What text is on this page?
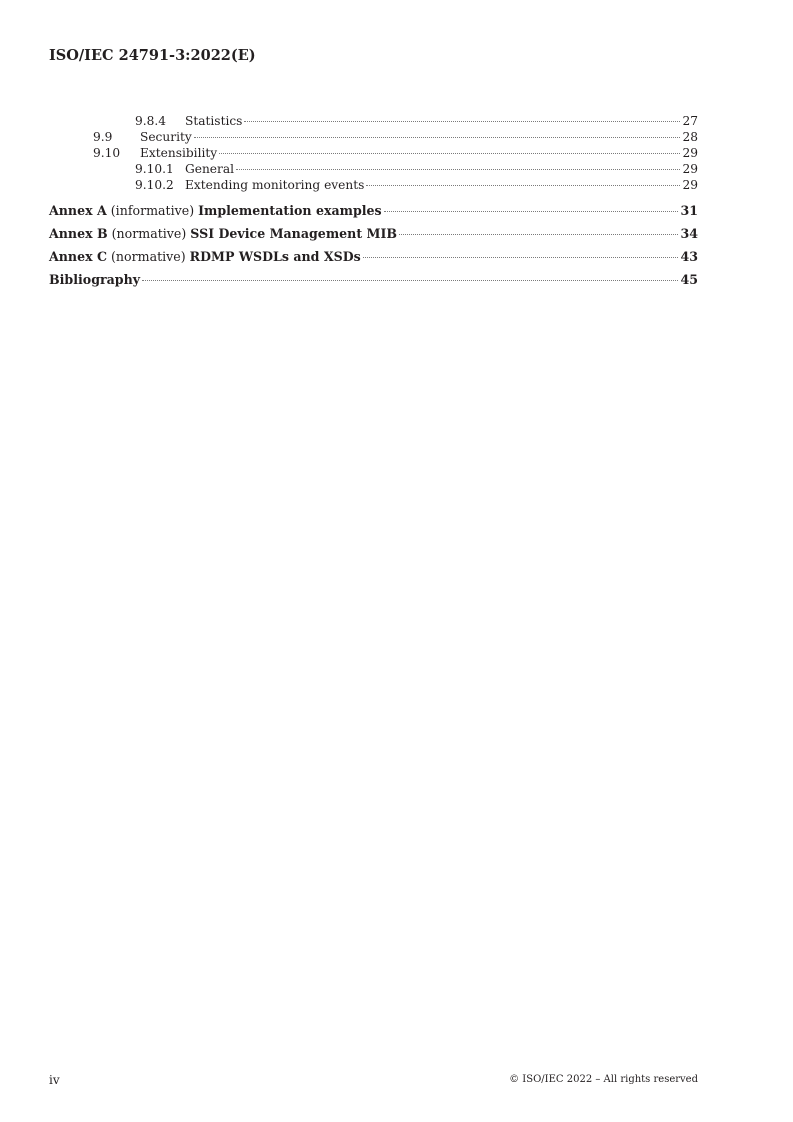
ISO/IEC 24791-3:2022(E)
9.8.4	Statistics	27
9.9	Security	28
9.10	Extensibility	29
9.10.1 General	29
9.10.2 Extending monitoring events	29
Annex A (informative) Implementation examples	31
Annex B (normative) SSI Device Management MIB	34
Annex C (normative) RDMP WSDLs and XSDs	43
Bibliography	45
iv	© ISO/IEC 2022 – All rights reserved
